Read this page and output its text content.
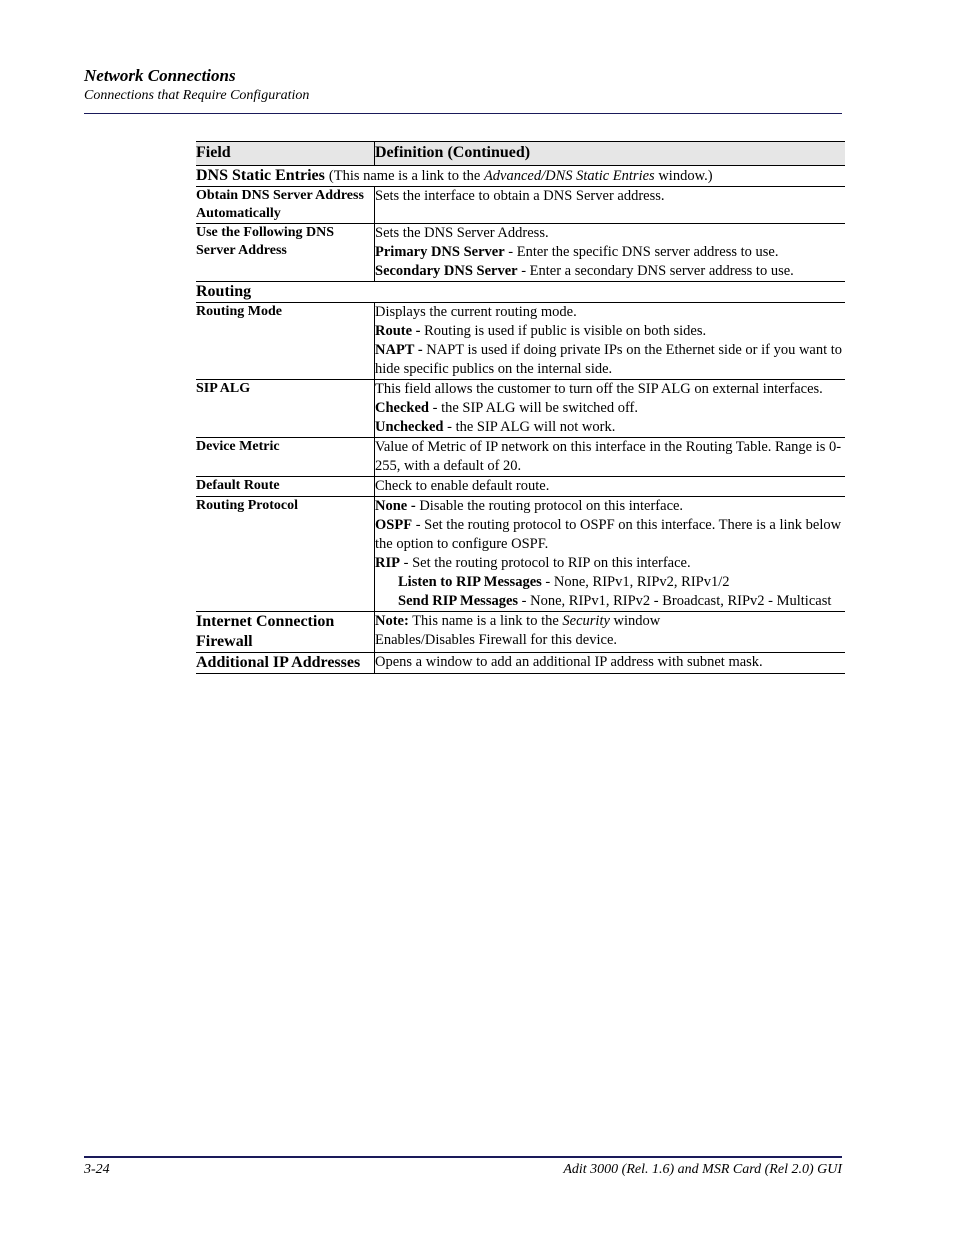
Network Connections
Connections that Require Configuration
Field	Definition (Continued)
DNS Static Entries (This name is a link to the Advanced/DNS Static Entries window.)	
Obtain DNS Server Address Automatically	Sets the interface to obtain a DNS Server address.
Use the Following DNS Server Address	Sets the DNS Server Address.
Primary DNS Server - Enter the specific DNS server address to use.
Secondary DNS Server - Enter a secondary DNS server address to use.

Routing	
Routing Mode	Displays the current routing mode.
Route - Routing is used if public is visible on both sides.
NAPT - NAPT is used if doing private IPs on the Ethernet side or if you want to hide specific publics on the internal side.

SIP ALG	This field allows the customer to turn off the SIP ALG on external interfaces.
Checked - the SIP ALG will be switched off.
Unchecked - the SIP ALG will not work.

Device Metric	Value of Metric of IP network on this interface in the Routing Table. Range is 0-255, with a default of 20.
Default Route	Check to enable default route.
Routing Protocol	None - Disable the routing protocol on this interface.
OSPF - Set the routing protocol to OSPF on this interface. There is a link below the option to configure OSPF.
RIP - Set the routing protocol to RIP on this interface.
Listen to RIP Messages - None, RIPv1, RIPv2, RIPv1/2
Send RIP Messages - None, RIPv1, RIPv2 - Broadcast, RIPv2 - Multicast

Internet Connection Firewall	Note: This name is a link to the Security window
Enables/Disables Firewall for this device.

Additional IP Addresses	Opens a window to add an additional IP address with subnet mask.
3-24	Adit 3000 (Rel. 1.6) and MSR Card (Rel 2.0) GUI
